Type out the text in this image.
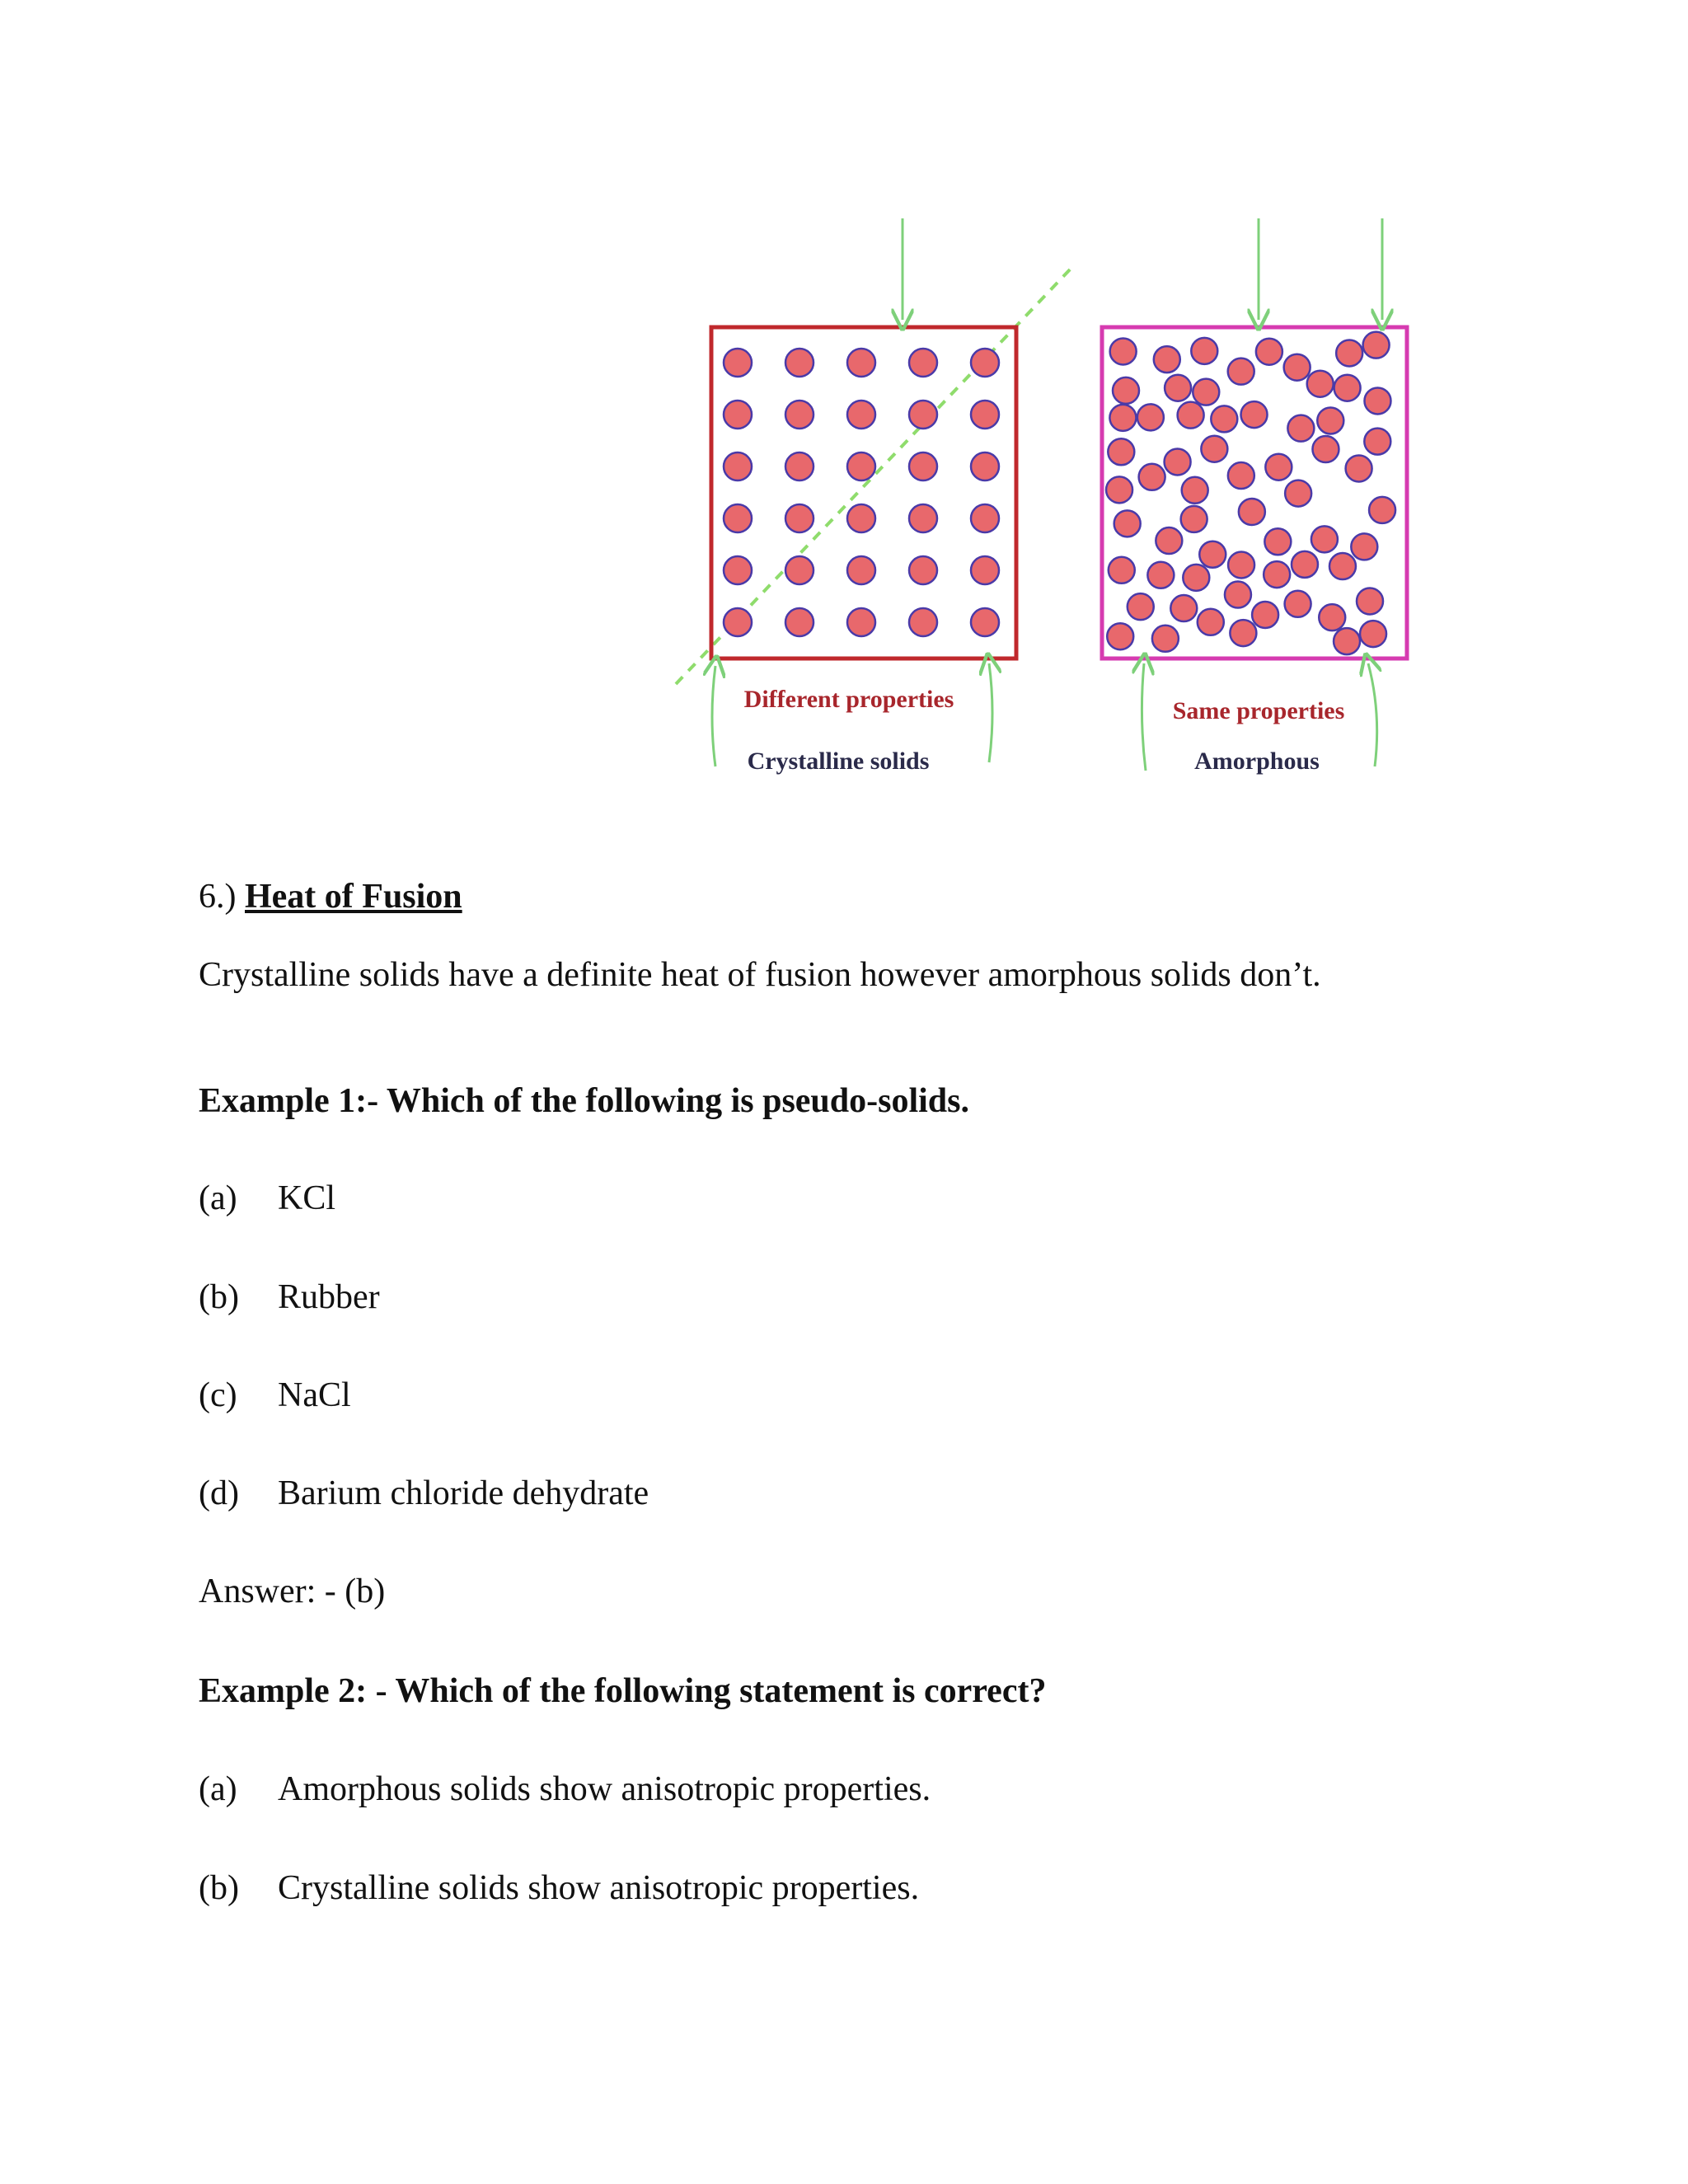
Different properties
Crystalline solids
Same properties
Amorphous
6.) Heat of Fusion
Crystalline solids have a definite heat of fusion however amorphous solids don’t.
Example 1:- Which of the following is pseudo-solids.
(a) KCl
(b) Rubber
(c) NaCl
(d) Barium chloride dehydrate
Answer: - (b)
Example 2: - Which of the following statement is correct?
(a) Amorphous solids show anisotropic properties.
(b) Crystalline solids show anisotropic properties.
